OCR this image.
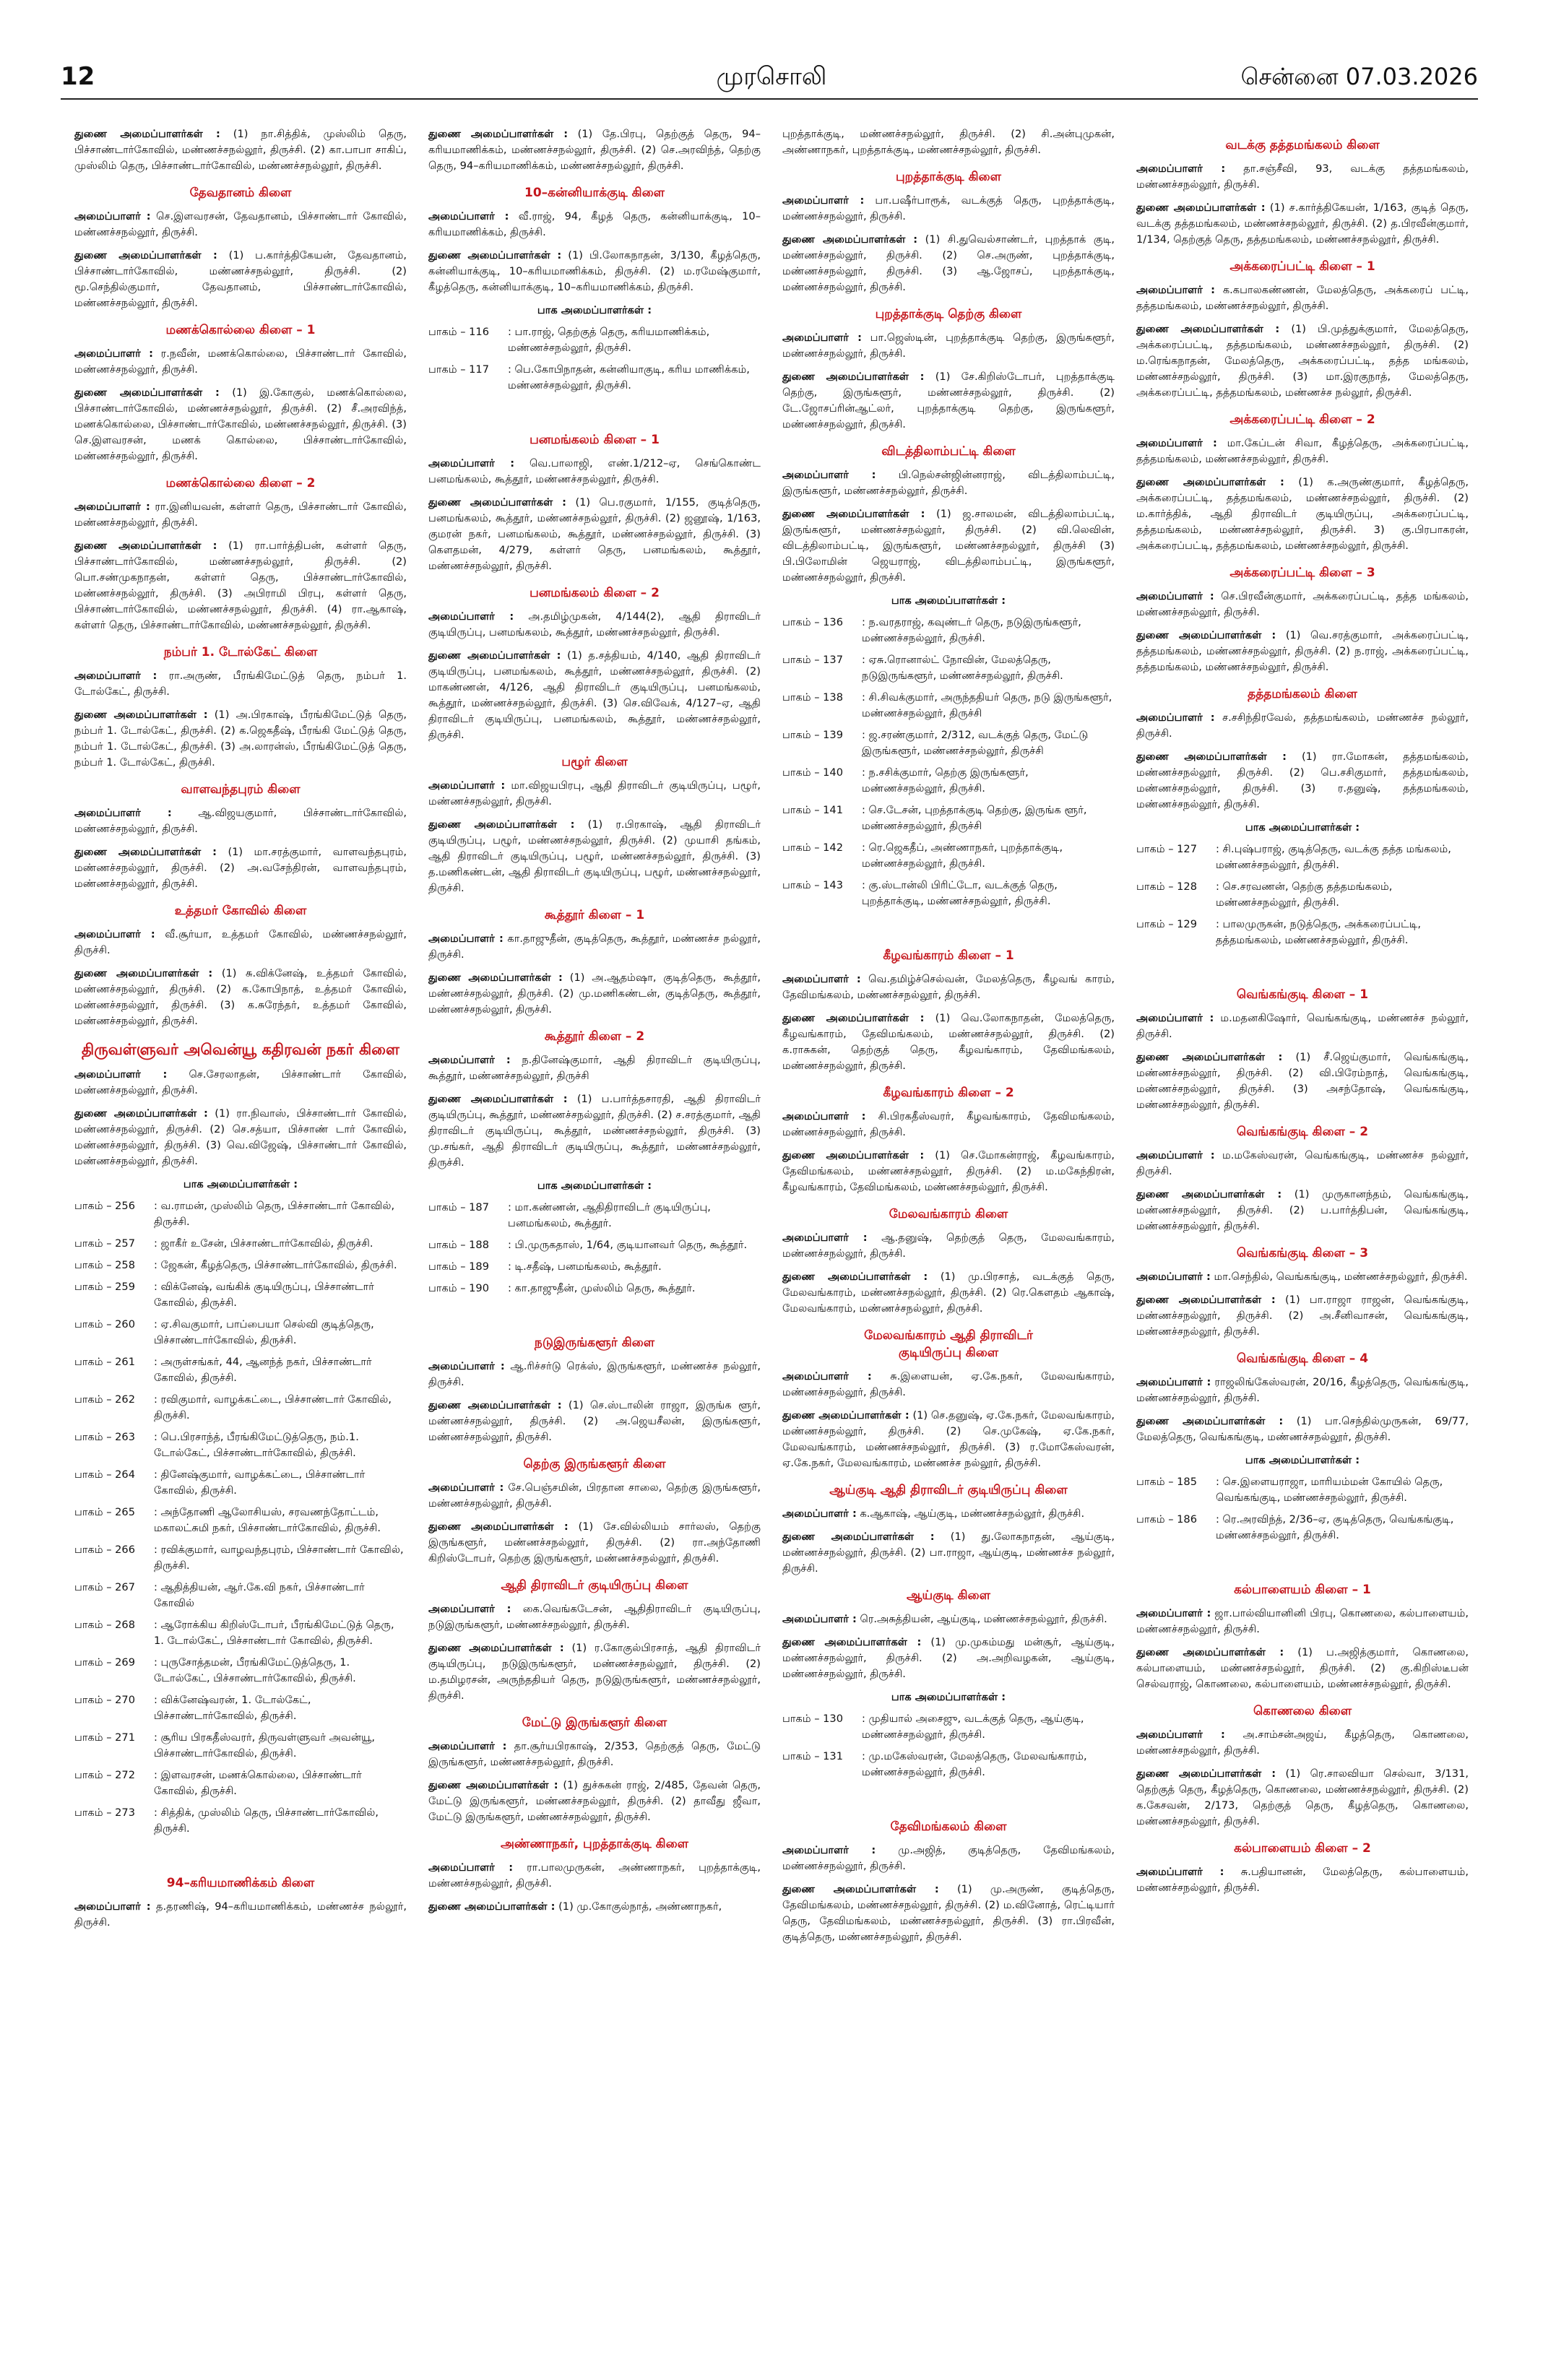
12	முரசொலி	சென்னை 07.03.2026
துணை அமைப்பாளர்கள் : (1) நா.சித்திக், முஸ்லிம் தெரு, பிச்சாண்டார்கோவில், மண்ணச்சநல்லூர், திருச்சி. (2) கா.பாபா சாகிப், முஸ்லிம் தெரு, பிச்சாண்டார்கோவில், மண்ணச்சநல்லூர், திருச்சி.
தேவதானம் கிளை
அமைப்பாளர் : செ.இளவரசன், தேவதானம், பிச்சாண்டார் கோவில், மண்ணச்சநல்லூர், திருச்சி.
துணை அமைப்பாளர்கள் : (1) ப.கார்த்திகேயன், தேவதானம், பிச்சாண்டார்கோவில், மண்ணச்சநல்லூர், திருச்சி. (2) மூ.செந்தில்குமார், தேவதானம், பிச்சாண்டார்கோவில், மண்ணச்சநல்லூர், திருச்சி.
மணக்கொல்லை கிளை – 1
அமைப்பாளர் : ர.நவீன், மணக்கொல்லை, பிச்சாண்டார் கோவில், மண்ணச்சநல்லூர், திருச்சி.
துணை அமைப்பாளர்கள் : (1) இ.கோகுல், மணக்கொல்லை, பிச்சாண்டார்கோவில், மண்ணச்சநல்லூர், திருச்சி. (2) சீ.அரவிந்த், மணக்கொல்லை, பிச்சாண்டார்கோவில், மண்ணச்சநல்லூர், திருச்சி. (3) செ.இளவரசன், மணக் கொல்லை, பிச்சாண்டார்கோவில், மண்ணச்சநல்லூர், திருச்சி.
மணக்கொல்லை கிளை – 2
அமைப்பாளர் : ரா.இனியவன், கள்ளர் தெரு, பிச்சாண்டார் கோவில், மண்ணச்சநல்லூர், திருச்சி.
துணை அமைப்பாளர்கள் : (1) ரா.பார்த்திபன், கள்ளர் தெரு, பிச்சாண்டார்கோவில், மண்ணச்சநல்லூர், திருச்சி. (2) பொ.சண்முகநாதன், கள்ளர் தெரு, பிச்சாண்டார்கோவில், மண்ணச்சநல்லூர், திருச்சி. (3) அபிராமி பிரபு, கள்ளர் தெரு, பிச்சாண்டார்கோவில், மண்ணச்சநல்லூர், திருச்சி. (4) ரா.ஆகாஷ், கள்ளர் தெரு, பிச்சாண்டார்கோவில், மண்ணச்சநல்லூர், திருச்சி.
நம்பர் 1. டோல்கேட் கிளை
அமைப்பாளர் : ரா.அருண், பீரங்கிமேட்டுத் தெரு, நம்பர் 1. டோல்கேட், திருச்சி.
துணை அமைப்பாளர்கள் : (1) அ.பிரகாஷ், பீரங்கிமேட்டுத் தெரு, நம்பர் 1. டோல்கேட், திருச்சி. (2) க.ஜெகதீஷ், பீரங்கி மேட்டுத் தெரு, நம்பர் 1. டோல்கேட், திருச்சி. (3) அ.லாரன்ஸ், பீரங்கிமேட்டுத் தெரு, நம்பர் 1. டோல்கேட், திருச்சி.
வாளவந்தபுரம் கிளை
அமைப்பாளர் :	ஆ.விஜயகுமார், பிச்சாண்டார்கோவில், மண்ணச்சநல்லூர், திருச்சி.
துணை அமைப்பாளர்கள் : (1) மா.சரத்குமார், வாளவந்தபுரம், மண்ணச்சநல்லூர், திருச்சி. (2) அ.வசேந்திரன், வாளவந்தபுரம், மண்ணச்சநல்லூர், திருச்சி.
உத்தமர் கோவில் கிளை
அமைப்பாளர் : வீ.சூர்யா, உத்தமர் கோவில், மண்ணச்சநல்லூர், திருச்சி.
துணை அமைப்பாளர்கள் : (1) சு.விக்னேஷ், உத்தமர் கோவில், மண்ணச்சநல்லூர், திருச்சி. (2) க.கோபிநாத், உத்தமர் கோவில், மண்ணச்சநல்லூர், திருச்சி. (3) க.சுரேந்தர், உத்தமர் கோவில், மண்ணச்சநல்லூர், திருச்சி.
திருவள்ளுவர் அவென்யூ கதிரவன் நகர் கிளை
அமைப்பாளர் : செ.சேரலாதன், பிச்சாண்டார் கோவில், மண்ணச்சநல்லூர், திருச்சி.
துணை அமைப்பாளர்கள் : (1) ரா.நிவாஸ், பிச்சாண்டார் கோவில், மண்ணச்சநல்லூர், திருச்சி. (2) செ.சத்யா, பிச்சாண் டார் கோவில், மண்ணச்சநல்லூர், திருச்சி. (3) வெ.விஜேஷ், பிச்சாண்டார் கோவில், மண்ணச்சநல்லூர், திருச்சி.
பாக அமைப்பாளர்கள் :
பாகம் – 256	: வ.ராமன், முஸ்லிம் தெரு, பிச்சாண்டார் கோவில், திருச்சி.
பாகம் – 257	: ஜாகீர் உசேன், பிச்சாண்டார்கோவில், திருச்சி.
பாகம் – 258	: ஜேகன், கீழத்தெரு, பிச்சாண்டார்கோவில், திருச்சி.
பாகம் – 259	: விக்னேஷ், வங்கிக் குடியிருப்பு, பிச்சாண்டார் கோவில், திருச்சி.
பாகம் – 260	: ஏ.சிவகுமார், பாப்பையா செல்வி குடித்தெரு, பிச்சாண்டார்கோவில், திருச்சி.
பாகம் – 261	: அருள்சங்கர், 44, ஆனந்த் நகர், பிச்சாண்டார் கோவில், திருச்சி.
பாகம் – 262	: ரவிகுமார், வாழக்கட்டை, பிச்சாண்டார் கோவில், திருச்சி.
பாகம் – 263	: பெ.பிரசாந்த், பீரங்கிமேட்டுத்தெரு, நம்.1. டோல்கேட், பிச்சாண்டார்கோவில், திருச்சி.
பாகம் – 264	: தினேஷ்குமார், வாழக்கட்டை, பிச்சாண்டார் கோவில், திருச்சி.
பாகம் – 265	: அந்தோணி ஆலோசியஸ், சரவணந்தோட்டம், மகாலட்சுமி நகர், பிச்சாண்டார்கோவில், திருச்சி.
பாகம் – 266	: ரவிக்குமார், வாழவந்தபுரம், பிச்சாண்டார் கோவில், திருச்சி.
பாகம் – 267	: ஆதித்தியன், ஆர்.கே.வி நகர், பிச்சாண்டார் கோவில்
பாகம் – 268	: ஆரோக்கிய கிறிஸ்டோபர், பீரங்கிமேட்டுத் தெரு, 1. டோல்கேட், பிச்சாண்டார் கோவில், திருச்சி.
பாகம் – 269	: புருசோத்தமன், பீரங்கிமேட்டுத்தெரு, 1. டோல்கேட், பிச்சாண்டார்கோவில், திருச்சி.
பாகம் – 270	: விக்னேஷ்வரன், 1. டோல்கேட், பிச்சாண்டார்கோவில், திருச்சி.
பாகம் – 271	: சூரிய பிரகதீஸ்வரர், திருவள்ளுவர் அவன்யூ, பிச்சாண்டார்கோவில், திருச்சி.
பாகம் – 272	: இளவரசன், மணக்கொல்லை, பிச்சாண்டார் கோவில், திருச்சி.
பாகம் – 273	: சித்திக், முஸ்லிம் தெரு, பிச்சாண்டார்கோவில், திருச்சி.
94–கரியமாணிக்கம் கிளை
அமைப்பாளர் : த.தரணிஷ், 94–கரியமாணிக்கம், மண்ணச்ச நல்லூர், திருச்சி.
துணை அமைப்பாளர்கள் : (1) தே.பிரபு, தெற்குத் தெரு, 94–கரியமாணிக்கம், மண்ணச்சநல்லூர், திருச்சி. (2) செ.அரவிந்த், தெற்கு தெரு, 94–கரியமாணிக்கம், மண்ணச்சநல்லூர், திருச்சி.
10–கன்னியாக்குடி கிளை
அமைப்பாளர் : வீ.ராஜ், 94, கீழத் தெரு, கன்னியாக்குடி, 10–கரியமாணிக்கம், திருச்சி.
துணை அமைப்பாளர்கள் : (1) பி.லோகநாதன், 3/130, கீழத்தெரு, கன்னியாக்குடி, 10–கரியமாணிக்கம், திருச்சி. (2) ம.ரமேஷ்குமார், கீழத்தெரு, கன்னியாக்குடி, 10–கரியமாணிக்கம், திருச்சி.
பாக அமைப்பாளர்கள் :
பாகம் – 116	: பா.ராஜ், தெற்குத் தெரு, கரியமாணிக்கம், மண்ணச்சநல்லூர், திருச்சி.
பாகம் – 117	: பெ.கோபிநாதன், கன்னியாகுடி, கரிய மாணிக்கம், மண்ணச்சநல்லூர், திருச்சி.
பனமங்கலம் கிளை – 1
அமைப்பாளர் : வெ.பாலாஜி, எண்.1/212–ஏ, செங்கொண்ட பனமங்கலம், கூத்தூர், மண்ணச்சநல்லூர், திருச்சி.
துணை அமைப்பாளர்கள் : (1) பெ.ரகுமார், 1/155, குடித்தெரு, பனமங்கலம், கூத்தூர், மண்ணச்சநல்லூர், திருச்சி. (2) ஜனூஷ், 1/163, குமரன் நகர், பனமங்கலம், கூத்தூர், மண்ணச்சநல்லூர், திருச்சி. (3) கௌதமன், 4/279, கள்ளர் தெரு, பனமங்கலம், கூத்தூர், மண்ணச்சநல்லூர், திருச்சி.
பனமங்கலம் கிளை – 2
அமைப்பாளர் : அ.தமிழ்முகன், 4/144(2), ஆதி திராவிடர் குடியிருப்பு, பனமங்கலம், கூத்தூர், மண்ணச்சநல்லூர், திருச்சி.
துணை அமைப்பாளர்கள் : (1) த.சத்தியம், 4/140, ஆதி திராவிடர் குடியிருப்பு, பனமங்கலம், கூத்தூர், மண்ணச்சநல்லூர், திருச்சி. (2) மாகண்ணன், 4/126, ஆதி திராவிடர் குடியிருப்பு, பனமங்கலம், கூத்தூர், மண்ணச்சநல்லூர், திருச்சி. (3) செ.விவேக், 4/127–ஏ, ஆதி திராவிடர் குடியிருப்பு, பனமங்கலம், கூத்தூர், மண்ணச்சநல்லூர், திருச்சி.
பழூர் கிளை
அமைப்பாளர் : மா.விஜயபிரபு, ஆதி திராவிடர் குடியிருப்பு, பழூர், மண்ணச்சநல்லூர், திருச்சி.
துணை அமைப்பாளர்கள் : (1) ர.பிரகாஷ், ஆதி திராவிடர் குடியிருப்பு, பழூர், மண்ணச்சநல்லூர், திருச்சி. (2) முயாசி தங்கம், ஆதி திராவிடர் குடியிருப்பு, பழூர், மண்ணச்சநல்லூர், திருச்சி. (3) த.மணிகண்டன், ஆதி திராவிடர் குடியிருப்பு, பழூர், மண்ணச்சநல்லூர், திருச்சி.
கூத்தூர் கிளை – 1
அமைப்பாளர் : கா.தாஜுதீன், குடித்தெரு, கூத்தூர், மண்ணச்ச நல்லூர், திருச்சி.
துணை அமைப்பாளர்கள் : (1) அ.ஆதம்ஷா, குடித்தெரு, கூத்தூர், மண்ணச்சநல்லூர், திருச்சி. (2) மு.மணிகண்டன், குடித்தெரு, கூத்தூர், மண்ணச்சநல்லூர், திருச்சி.
கூத்தூர் கிளை – 2
அமைப்பாளர் : ந.தினேஷ்குமார், ஆதி திராவிடர் குடியிருப்பு, கூத்தூர், மண்ணச்சநல்லூர், திருச்சி
துணை அமைப்பாளர்கள் : (1) ப.பார்த்தசாரதி, ஆதி திராவிடர் குடியிருப்பு, கூத்தூர், மண்ணச்சநல்லூர், திருச்சி. (2) ச.சரத்குமார், ஆதி திராவிடர் குடியிருப்பு, கூத்தூர், மண்ணச்சநல்லூர், திருச்சி. (3) மு.சங்கர், ஆதி திராவிடர் குடியிருப்பு, கூத்தூர், மண்ணச்சநல்லூர், திருச்சி.
பாக அமைப்பாளர்கள் :
பாகம் – 187	: மா.கண்ணன், ஆதிதிராவிடர் குடியிருப்பு, பனமங்கலம், கூத்தூர்.
பாகம் – 188	: பி.முருகதாஸ், 1/64, குடியானவர் தெரு, கூத்தூர்.
பாகம் – 189	: டி.சதீஷ், பனமங்கலம், கூத்தூர்.
பாகம் – 190	: கா.தாஜுதீன், முஸ்லிம் தெரு, கூத்தூர்.
நடுஇருங்களூர் கிளை
அமைப்பாளர் : ஆ.ரிச்சர்டு ரெக்ஸ், இருங்களூர், மண்ணச்ச நல்லூர், திருச்சி.
துணை அமைப்பாளர்கள் : (1) செ.ஸ்டாலின் ராஜா, இருங்க ளூர், மண்ணச்சநல்லூர், திருச்சி. (2) அ.ஜெயசீலன், இருங்களூர், மண்ணச்சநல்லூர், திருச்சி.
தெற்கு இருங்களூர் கிளை
அமைப்பாளர் : சே.பெஞ்சமின், பிரதான சாலை, தெற்கு இருங்களூர், மண்ணச்சநல்லூர், திருச்சி.
துணை அமைப்பாளர்கள் : (1) சே.வில்லியம் சார்லஸ், தெற்கு இருங்களூர், மண்ணச்சநல்லூர், திருச்சி. (2) ரா.அந்தோணி கிறிஸ்டோபர், தெற்கு இருங்களூர், மண்ணச்சநல்லூர், திருச்சி.
ஆதி திராவிடர் குடியிருப்பு கிளை
அமைப்பாளர் : கை.வெங்கடேசன், ஆதிதிராவிடர் குடியிருப்பு, நடுஇருங்களூர், மண்ணச்சநல்லூர், திருச்சி.
துணை அமைப்பாளர்கள் : (1) ர.கோகுல்பிரசாத், ஆதி திராவிடர் குடியிருப்பு, நடுஇருங்களூர், மண்ணச்சநல்லூர், திருச்சி. (2) ம.தமிழரசன், அருந்ததியர் தெரு, நடுஇருங்களூர், மண்ணச்சநல்லூர், திருச்சி.
மேட்டு இருங்களூர் கிளை
அமைப்பாளர் : தா.சூர்யபிரகாஷ், 2/353, தெற்குத் தெரு, மேட்டு இருங்களூர், மண்ணச்சநல்லூர், திருச்சி.
துணை அமைப்பாளர்கள் : (1) துச்சுகன் ராஜ், 2/485, தேவன் தெரு, மேட்டு இருங்களூர், மண்ணச்சநல்லூர், திருச்சி. (2) தாவீது ஜீவா, மேட்டு இருங்களூர், மண்ணச்சநல்லூர், திருச்சி.
அண்ணாநகர், புறத்தாக்குடி கிளை
அமைப்பாளர் : ரா.பாலமுருகன், அண்ணாநகர், புறத்தாக்குடி, மண்ணச்சநல்லூர், திருச்சி.
துணை அமைப்பாளர்கள் : (1) மு.கோகுல்நாத், அண்ணாநகர்,
புறத்தாக்குடி, மண்ணச்சநல்லூர், திருச்சி. (2) சி.அன்புமுகன், அண்ணாநகர், புறத்தாக்குடி, மண்ணச்சநல்லூர், திருச்சி.
புறத்தாக்குடி கிளை
அமைப்பாளர் : பா.பஷீர்பாரூக், வடக்குத் தெரு, புறத்தாக்குடி, மண்ணச்சநல்லூர், திருச்சி.
துணை அமைப்பாளர்கள் : (1) சி.துவெல்சாண்டர், புறத்தாக் குடி, மண்ணச்சநல்லூர், திருச்சி. (2) செ.அருண், புறத்தாக்குடி, மண்ணச்சநல்லூர், திருச்சி. (3) ஆ.ஜோசப், புறத்தாக்குடி, மண்ணச்சநல்லூர், திருச்சி.
புறத்தாக்குடி தெற்கு கிளை
அமைப்பாளர் : பா.ஜெஸ்டின், புறத்தாக்குடி தெற்கு, இருங்களூர், மண்ணச்சநல்லூர், திருச்சி.
துணை அமைப்பாளர்கள் : (1) சே.கிறிஸ்டோபர், புறத்தாக்குடி தெற்கு, இருங்களூர், மண்ணச்சநல்லூர், திருச்சி. (2) டே.ஜோசப்ரின்ஆட்லர், புறத்தாக்குடி தெற்கு, இருங்களூர், மண்ணச்சநல்லூர், திருச்சி.
விடத்திலாம்பட்டி கிளை
அமைப்பாளர் : பி.நெல்சன்ஜின்னராஜ், விடத்திலாம்பட்டி, இருங்களூர், மண்ணச்சநல்லூர், திருச்சி.
துணை அமைப்பாளர்கள் : (1) ஜ.சாலமன், விடத்திலாம்பட்டி, இருங்களூர், மண்ணச்சநல்லூர், திருச்சி. (2) வி.லெவின், விடத்திலாம்பட்டி, இருங்களூர், மண்ணச்சநல்லூர், திருச்சி (3) பி.பிலோமின் ஜெயராஜ், விடத்திலாம்பட்டி, இருங்களூர், மண்ணச்சநல்லூர், திருச்சி.
பாக அமைப்பாளர்கள் :
பாகம் – 136	: ந.வரதராஜ், கவுண்டர் தெரு, நடுஇருங்களூர், மண்ணச்சநல்லூர், திருச்சி.
பாகம் – 137	: ஏசு.ரொனால்ட் நோவின், மேலத்தெரு, நடுஇருங்களூர், மண்ணச்சநல்லூர், திருச்சி.
பாகம் – 138	: சி.சிவக்குமார், அருந்ததியர் தெரு, நடு இருங்களூர், மண்ணச்சநல்லூர், திருச்சி
பாகம் – 139	: ஜ.சரண்குமார், 2/312, வடக்குத் தெரு, மேட்டு இருங்களூர், மண்ணச்சநல்லூர், திருச்சி
பாகம் – 140	: ந.சசிக்குமார், தெற்கு இருங்களூர், மண்ணச்சநல்லூர், திருச்சி.
பாகம் – 141	: செ.டேசன், புறத்தாக்குடி தெற்கு, இருங்க ளூர், மண்ணச்சநல்லூர், திருச்சி
பாகம் – 142	: ரெ.ஜெகதீப், அண்ணாநகர், புறத்தாக்குடி, மண்ணச்சநல்லூர், திருச்சி.
பாகம் – 143	: கு.ஸ்டான்லி பிரிட்டோ, வடக்குத் தெரு, புறத்தாக்குடி, மண்ணச்சநல்லூர், திருச்சி.
கீழவங்காரம் கிளை – 1
அமைப்பாளர் : வெ.தமிழ்ச்செல்வன், மேலத்தெரு, கீழவங் காரம், தேவிமங்கலம், மண்ணச்சநல்லூர், திருச்சி.
துணை அமைப்பாளர்கள் : (1) வெ.லோகநாதன், மேலத்தெரு, கீழவங்காரம், தேவிமங்கலம், மண்ணச்சநல்லூர், திருச்சி. (2) க.ராசுகன், தெற்குத் தெரு, கீழவங்காரம், தேவிமங்கலம், மண்ணச்சநல்லூர், திருச்சி.
கீழவங்காரம் கிளை – 2
அமைப்பாளர் : சி.பிரகதீஸ்வரர், கீழவங்காரம், தேவிமங்கலம், மண்ணச்சநல்லூர், திருச்சி.
துணை அமைப்பாளர்கள் : (1) செ.மோகன்ராஜ், கீழவங்காரம், தேவிமங்கலம், மண்ணச்சநல்லூர், திருச்சி. (2) ம.மகேந்திரன், கீழவங்காரம், தேவிமங்கலம், மண்ணச்சநல்லூர், திருச்சி.
மேலவங்காரம் கிளை
அமைப்பாளர் : ஆ.தனுஷ், தெற்குத் தெரு, மேலவங்காரம், மண்ணச்சநல்லூர், திருச்சி.
துணை அமைப்பாளர்கள் : (1) மு.பிரசாத், வடக்குத் தெரு, மேலவங்காரம், மண்ணச்சநல்லூர், திருச்சி. (2) ரெ.கௌதம் ஆகாஷ், மேலவங்காரம், மண்ணச்சநல்லூர், திருச்சி.
மேலவங்காரம் ஆதி திராவிடர்
குடியிருப்பு கிளை
அமைப்பாளர் : சு.இளையன், ஏ.கே.நகர், மேலவங்காரம், மண்ணச்சநல்லூர், திருச்சி.
துணை அமைப்பாளர்கள் : (1) செ.தனுஷ், ஏ.கே.நகர், மேலவங்காரம், மண்ணச்சநல்லூர், திருச்சி. (2) செ.முகேஷ், ஏ.கே.நகர், மேலவங்காரம், மண்ணச்சநல்லூர், திருச்சி. (3) ர.மோகேஸ்வரன், ஏ.கே.நகர், மேலவங்காரம், மண்ணச்ச நல்லூர், திருச்சி.
ஆய்குடி ஆதி திராவிடர் குடியிருப்பு கிளை
அமைப்பாளர் : க.ஆகாஷ், ஆய்குடி, மண்ணச்சநல்லூர், திருச்சி.
துணை அமைப்பாளர்கள் : (1) து.லோகநாதன், ஆய்குடி, மண்ணச்சநல்லூர், திருச்சி. (2) பா.ராஜா, ஆய்குடி, மண்ணச்ச நல்லூர், திருச்சி.
ஆய்குடி கிளை
அமைப்பாளர் : ரெ.அசுத்தியன், ஆய்குடி, மண்ணச்சநல்லூர், திருச்சி.
துணை அமைப்பாளர்கள் : (1) மு.முகம்மது மன்சூர், ஆய்குடி, மண்ணச்சநல்லூர், திருச்சி. (2) அ.அறிவழகன், ஆய்குடி, மண்ணச்சநல்லூர், திருச்சி.
பாக அமைப்பாளர்கள் :
பாகம் – 130	: முதியால் அசைஜு, வடக்குத் தெரு, ஆய்குடி, மண்ணச்சநல்லூர், திருச்சி.
பாகம் – 131	: மு.மகேஸ்வரன், மேலத்தெரு, மேலவங்காரம், மண்ணச்சநல்லூர், திருச்சி.
தேவிமங்கலம் கிளை
அமைப்பாளர் : மு.அஜித், குடித்தெரு, தேவிமங்கலம், மண்ணச்சநல்லூர், திருச்சி.
துணை அமைப்பாளர்கள் : (1) மு.அருண், குடித்தெரு, தேவிமங்கலம், மண்ணச்சநல்லூர், திருச்சி. (2) ம.வினோத், ரெட்டியார் தெரு, தேவிமங்கலம், மண்ணச்சநல்லூர், திருச்சி. (3) ரா.பிரவீன், குடித்தெரு, மண்ணச்சநல்லூர், திருச்சி.
வடக்கு தத்தமங்கலம் கிளை
அமைப்பாளர் : தா.சஞ்சீவி, 93, வடக்கு தத்தமங்கலம், மண்ணச்சநல்லூர், திருச்சி.
துணை அமைப்பாளர்கள் : (1) ச.கார்த்திகேயன், 1/163, குடித் தெரு, வடக்கு தத்தமங்கலம், மண்ணச்சநல்லூர், திருச்சி. (2) த.பிரவீன்குமார், 1/134, தெற்குத் தெரு, தத்தமங்கலம், மண்ணச்சநல்லூர், திருச்சி.
அக்கரைப்பட்டி கிளை – 1
அமைப்பாளர் : க.கபாலகண்ணன், மேலத்தெரு, அக்கரைப் பட்டி, தத்தமங்கலம், மண்ணச்சநல்லூர், திருச்சி.
துணை அமைப்பாளர்கள் : (1) பி.முத்துக்குமார், மேலத்தெரு, அக்கரைப்பட்டி, தத்தமங்கலம், மண்ணச்சநல்லூர், திருச்சி. (2) ம.ரெங்கநாதன், மேலத்தெரு, அக்கரைப்பட்டி, தத்த மங்கலம், மண்ணச்சநல்லூர், திருச்சி. (3) மா.இரகுநாத், மேலத்தெரு, அக்கரைப்பட்டி, தத்தமங்கலம், மண்ணச்ச நல்லூர், திருச்சி.
அக்கரைப்பட்டி கிளை – 2
அமைப்பாளர் : மா.கேப்டன் சிவா, கீழத்தெரு, அக்கரைப்பட்டி, தத்தமங்கலம், மண்ணச்சநல்லூர், திருச்சி.
துணை அமைப்பாளர்கள் : (1) க.அருண்குமார், கீழத்தெரு, அக்கரைப்பட்டி, தத்தமங்கலம், மண்ணச்சநல்லூர், திருச்சி. (2) ம.கார்த்திக், ஆதி திராவிடர் குடியிருப்பு, அக்கரைப்பட்டி, தத்தமங்கலம், மண்ணச்சநல்லூர், திருச்சி. 3) கு.பிரபாகரன், அக்கரைப்பட்டி, தத்தமங்கலம், மண்ணச்சநல்லூர், திருச்சி.
அக்கரைப்பட்டி கிளை – 3
அமைப்பாளர் : செ.பிரவீன்குமார், அக்கரைப்பட்டி, தத்த மங்கலம், மண்ணச்சநல்லூர், திருச்சி.
துணை அமைப்பாளர்கள் : (1) வெ.சரத்குமார், அக்கரைப்பட்டி, தத்தமங்கலம், மண்ணச்சநல்லூர், திருச்சி. (2) ந.ராஜ், அக்கரைப்பட்டி, தத்தமங்கலம், மண்ணச்சநல்லூர், திருச்சி.
தத்தமங்கலம் கிளை
அமைப்பாளர் : ச.சசிந்திரவேல், தத்தமங்கலம், மண்ணச்ச நல்லூர், திருச்சி.
துணை அமைப்பாளர்கள் : (1) ரா.மோகன், தத்தமங்கலம், மண்ணச்சநல்லூர், திருச்சி. (2) பெ.சசிகுமார், தத்தமங்கலம், மண்ணச்சநல்லூர், திருச்சி. (3) ர.தனுஷ், தத்தமங்கலம், மண்ணச்சநல்லூர், திருச்சி.
பாக அமைப்பாளர்கள் :
பாகம் – 127	: சி.புஷ்பராஜ், குடித்தெரு, வடக்கு தத்த மங்கலம், மண்ணச்சநல்லூர், திருச்சி.
பாகம் – 128	: செ.சரவணன், தெற்கு தத்தமங்கலம், மண்ணச்சநல்லூர், திருச்சி.
பாகம் – 129	: பாலமுருகன், நடுத்தெரு, அக்கரைப்பட்டி, தத்தமங்கலம், மண்ணச்சநல்லூர், திருச்சி.
வெங்கங்குடி கிளை – 1
அமைப்பாளர் : ம.மதனகிஷோர், வெங்கங்குடி, மண்ணச்ச நல்லூர், திருச்சி.
துணை அமைப்பாளர்கள் : (1) சீ.ஜெய்குமார், வெங்கங்குடி, மண்ணச்சநல்லூர், திருச்சி. (2) வி.பிரேம்நாத், வெங்கங்குடி, மண்ணச்சநல்லூர், திருச்சி. (3) அசந்தோஷ், வெங்கங்குடி, மண்ணச்சநல்லூர், திருச்சி.
வெங்கங்குடி கிளை – 2
அமைப்பாளர் : ம.மகேஸ்வரன், வெங்கங்குடி, மண்ணச்ச நல்லூர், திருச்சி.
துணை அமைப்பாளர்கள் : (1) முருகானந்தம், வெங்கங்குடி, மண்ணச்சநல்லூர், திருச்சி. (2) ப.பார்த்திபன், வெங்கங்குடி, மண்ணச்சநல்லூர், திருச்சி.
வெங்கங்குடி கிளை – 3
அமைப்பாளர் : மா.செந்தில், வெங்கங்குடி, மண்ணச்சநல்லூர், திருச்சி.
துணை அமைப்பாளர்கள் : (1) பா.ராஜா ராஜன், வெங்கங்குடி, மண்ணச்சநல்லூர், திருச்சி. (2) அ.சீனிவாசன், வெங்கங்குடி, மண்ணச்சநல்லூர், திருச்சி.
வெங்கங்குடி கிளை – 4
அமைப்பாளர் : ராஜலிங்கேஸ்வரன், 20/16, கீழத்தெரு, வெங்கங்குடி, மண்ணச்சநல்லூர், திருச்சி.
துணை அமைப்பாளர்கள் : (1) பா.செந்தில்முருகன், 69/77, மேலத்தெரு, வெங்கங்குடி, மண்ணச்சநல்லூர், திருச்சி.
பாக அமைப்பாளர்கள் :
பாகம் – 185	: செ.இளையராஜா, மாரியம்மன் கோயில் தெரு, வெங்கங்குடி, மண்ணச்சநல்லூர், திருச்சி.
பாகம் – 186	: ரெ.அரவிந்த், 2/36–ஏ, குடித்தெரு, வெங்கங்குடி, மண்ணச்சநல்லூர், திருச்சி.
கல்பாளையம் கிளை – 1
அமைப்பாளர் : ஜா.பால்வியானினி பிரபு, கொணலை, கல்பாளையம், மண்ணச்சநல்லூர், திருச்சி.
துணை அமைப்பாளர்கள் : (1) ப.அஜித்குமார், கொணலை, கல்பாளையம், மண்ணச்சநல்லூர், திருச்சி. (2) கு.கிறிஸ்டீபன் செல்வராஜ், கொணலை, கல்பாளையம், மண்ணச்சநல்லூர், திருச்சி.
கொணலை கிளை
அமைப்பாளர் : அ.சாம்சன்அஜய், கீழத்தெரு, கொணலை, மண்ணச்சநல்லூர், திருச்சி.
துணை அமைப்பாளர்கள் : (1) ரெ.சாலவியா செல்வா, 3/131, தெற்குத் தெரு, கீழத்தெரு, கொணலை, மண்ணச்சநல்லூர், திருச்சி. (2) க.கேசவன், 2/173, தெற்குத் தெரு, கீழத்தெரு, கொணலை, மண்ணச்சநல்லூர், திருச்சி.
கல்பாளையம் கிளை – 2
அமைப்பாளர் : சு.பதியானன், மேலத்தெரு, கல்பாளையம், மண்ணச்சநல்லூர், திருச்சி.
